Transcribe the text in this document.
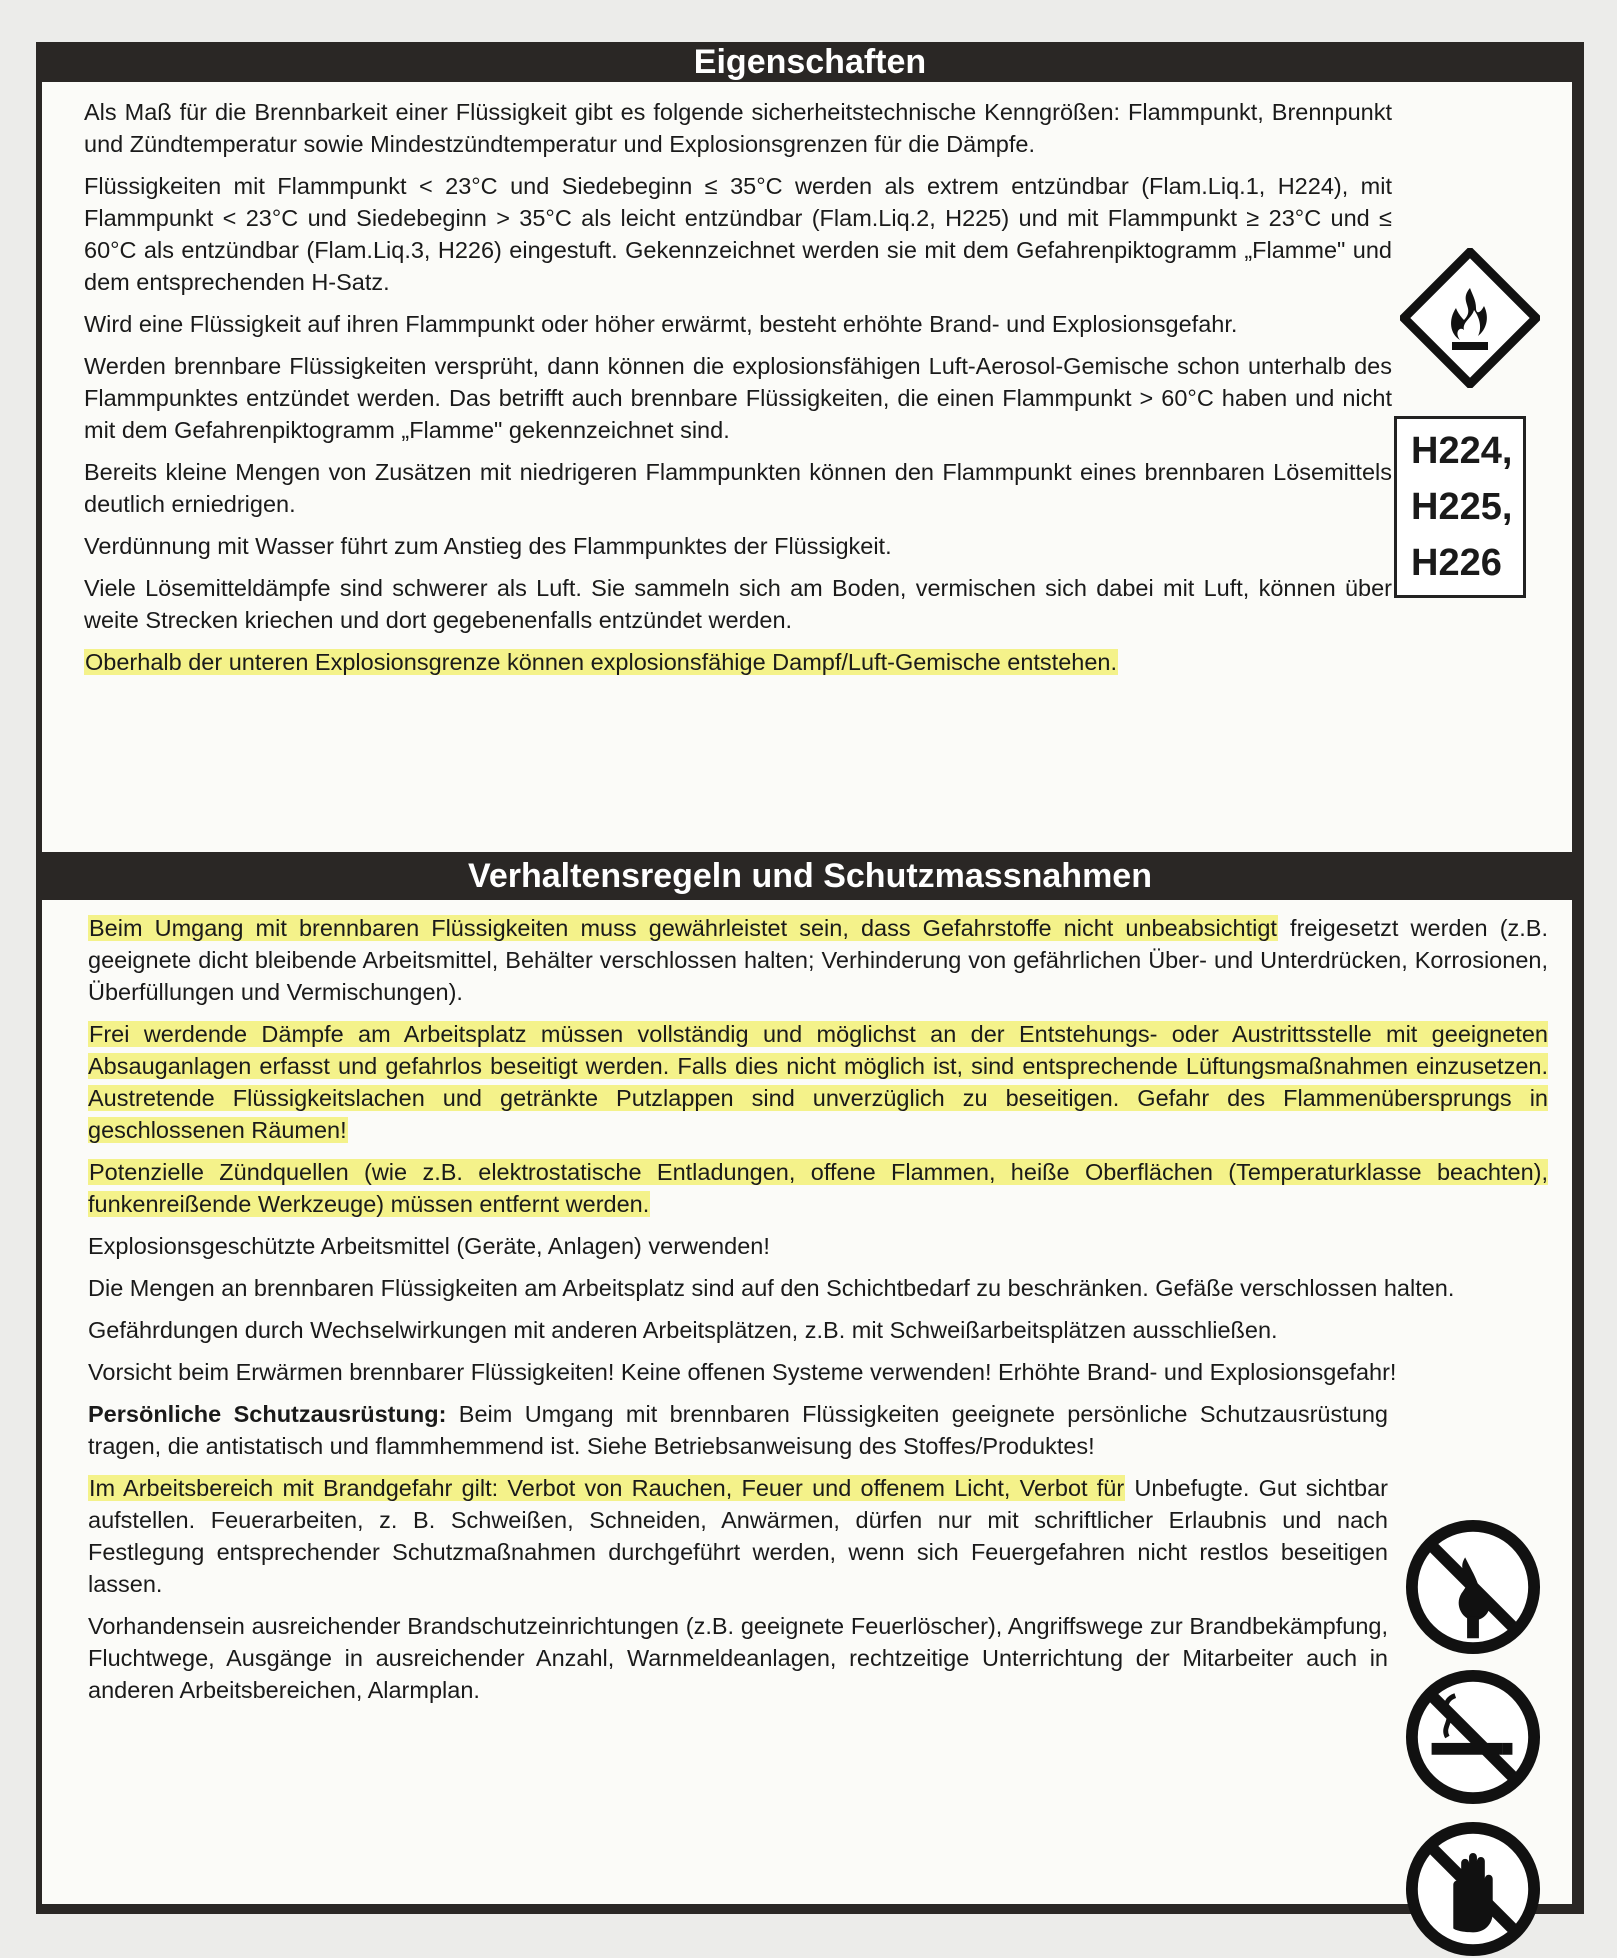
Eigenschaften

Als Maß für die Brennbarkeit einer Flüssigkeit gibt es folgende sicherheitstechnische Kenngrößen: Flammpunkt, Brennpunkt und Zündtemperatur sowie Mindestzündtemperatur und Explosionsgrenzen für die Dämpfe.

Flüssigkeiten mit Flammpunkt < 23°C und Siedebeginn ≤ 35°C werden als extrem entzündbar (Flam.Liq.1, H224), mit Flammpunkt < 23°C und Siedebeginn > 35°C als leicht entzündbar (Flam.Liq.2, H225) und mit Flammpunkt ≥ 23°C und ≤ 60°C als entzündbar (Flam.Liq.3, H226) eingestuft. Gekennzeichnet werden sie mit dem Gefahrenpiktogramm „Flamme" und dem entsprechenden H-Satz.

Wird eine Flüssigkeit auf ihren Flammpunkt oder höher erwärmt, besteht erhöhte Brand- und Explosionsgefahr.

Werden brennbare Flüssigkeiten versprüht, dann können die explosionsfähigen Luft-Aerosol-Gemische schon unterhalb des Flammpunktes entzündet werden. Das betrifft auch brennbare Flüssigkeiten, die einen Flammpunkt > 60°C haben und nicht mit dem Gefahrenpiktogramm „Flamme" gekennzeichnet sind.

Bereits kleine Mengen von Zusätzen mit niedrigeren Flammpunkten können den Flammpunkt eines brennbaren Lösemittels deutlich erniedrigen.

Verdünnung mit Wasser führt zum Anstieg des Flammpunktes der Flüssigkeit.

Viele Lösemitteldämpfe sind schwerer als Luft. Sie sammeln sich am Boden, vermischen sich dabei mit Luft, können über weite Strecken kriechen und dort gegebenenfalls entzündet werden.

Oberhalb der unteren Explosionsgrenze können explosionsfähige Dampf/Luft-Gemische entstehen.

H224,
H225,
H226
Verhaltensregeln und Schutzmassnahmen

Beim Umgang mit brennbaren Flüssigkeiten muss gewährleistet sein, dass Gefahrstoffe nicht unbeabsichtigt freigesetzt werden (z.B. geeignete dicht bleibende Arbeitsmittel, Behälter verschlossen halten; Verhinderung von gefährlichen Über- und Unterdrücken, Korrosionen, Überfüllungen und Vermischungen).

Frei werdende Dämpfe am Arbeitsplatz müssen vollständig und möglichst an der Entstehungs- oder Austrittsstelle mit geeigneten Absauganlagen erfasst und gefahrlos beseitigt werden. Falls dies nicht möglich ist, sind entsprechende Lüftungsmaßnahmen einzusetzen. Austretende Flüssigkeitslachen und getränkte Putzlappen sind unverzüglich zu beseitigen. Gefahr des Flammenübersprungs in geschlossenen Räumen!

Potenzielle Zündquellen (wie z.B. elektrostatische Entladungen, offene Flammen, heiße Oberflächen (Temperaturklasse beachten), funkenreißende Werkzeuge) müssen entfernt werden.

Explosionsgeschützte Arbeitsmittel (Geräte, Anlagen) verwenden!

Die Mengen an brennbaren Flüssigkeiten am Arbeitsplatz sind auf den Schichtbedarf zu beschränken. Gefäße verschlossen halten.

Gefährdungen durch Wechselwirkungen mit anderen Arbeitsplätzen, z.B. mit Schweißarbeitsplätzen ausschließen.

Vorsicht beim Erwärmen brennbarer Flüssigkeiten! Keine offenen Systeme verwenden! Erhöhte Brand- und Explosionsgefahr!

Persönliche Schutzausrüstung: Beim Umgang mit brennbaren Flüssigkeiten geeignete persönliche Schutzausrüstung tragen, die antistatisch und flammhemmend ist. Siehe Betriebsanweisung des Stoffes/Produktes!

Im Arbeitsbereich mit Brandgefahr gilt: Verbot von Rauchen, Feuer und offenem Licht, Verbot für Unbefugte. Gut sichtbar aufstellen. Feuerarbeiten, z. B. Schweißen, Schneiden, Anwärmen, dürfen nur mit schriftlicher Erlaubnis und nach Festlegung entsprechender Schutzmaßnahmen durchgeführt werden, wenn sich Feuergefahren nicht restlos beseitigen lassen.

Vorhandensein ausreichender Brandschutzeinrichtungen (z.B. geeignete Feuerlöscher), Angriffswege zur Brandbekämpfung, Fluchtwege, Ausgänge in ausreichender Anzahl, Warnmeldeanlagen, rechtzeitige Unterrichtung der Mitarbeiter auch in anderen Arbeitsbereichen, Alarmplan.
